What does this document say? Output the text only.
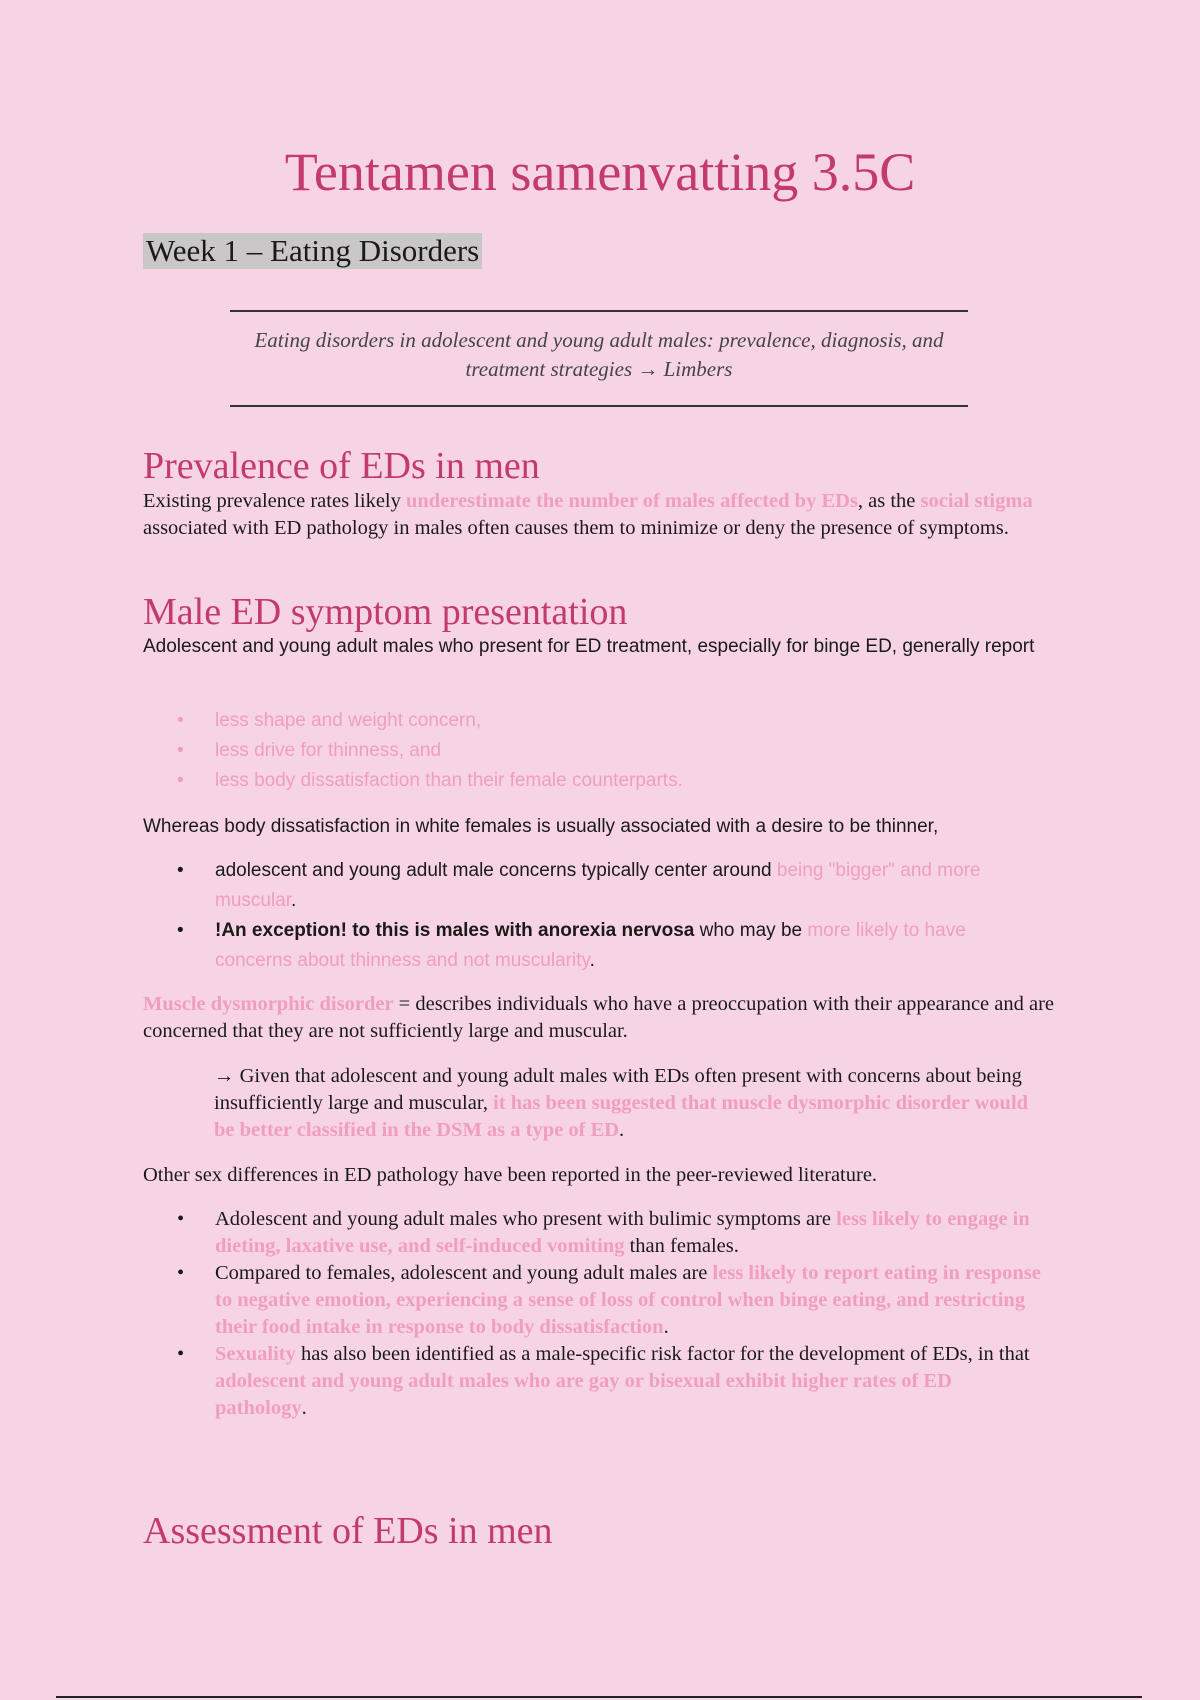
Tentamen samenvatting 3.5C
Week 1 – Eating Disorders
Eating disorders in adolescent and young adult males: prevalence, diagnosis, and
treatment strategies → Limbers
Prevalence of EDs in men

Existing prevalence rates likely underestimate the number of males affected by EDs, as the social stigma associated with ED pathology in males often causes them to minimize or deny the presence of symptoms.

Male ED symptom presentation

Adolescent and young adult males who present for ED treatment, especially for binge ED, generally report

• less shape and weight concern,
• less drive for thinness, and
• less body dissatisfaction than their female counterparts.

Whereas body dissatisfaction in white females is usually associated with a desire to be thinner,

• adolescent and young adult male concerns typically center around being "bigger" and more muscular.
• !An exception! to this is males with anorexia nervosa who may be more likely to have concerns about thinness and not muscularity.

Muscle dysmorphic disorder = describes individuals who have a preoccupation with their appearance and are concerned that they are not sufficiently large and muscular.

→ Given that adolescent and young adult males with EDs often present with concerns about being insufficiently large and muscular, it has been suggested that muscle dysmorphic disorder would be better classified in the DSM as a type of ED.

Other sex differences in ED pathology have been reported in the peer-reviewed literature.

• Adolescent and young adult males who present with bulimic symptoms are less likely to engage in dieting, laxative use, and self-induced vomiting than females.
• Compared to females, adolescent and young adult males are less likely to report eating in response to negative emotion, experiencing a sense of loss of control when binge eating, and restricting their food intake in response to body dissatisfaction.
• Sexuality has also been identified as a male-specific risk factor for the development of EDs, in that adolescent and young adult males who are gay or bisexual exhibit higher rates of ED pathology.
Assessment of EDs in men
